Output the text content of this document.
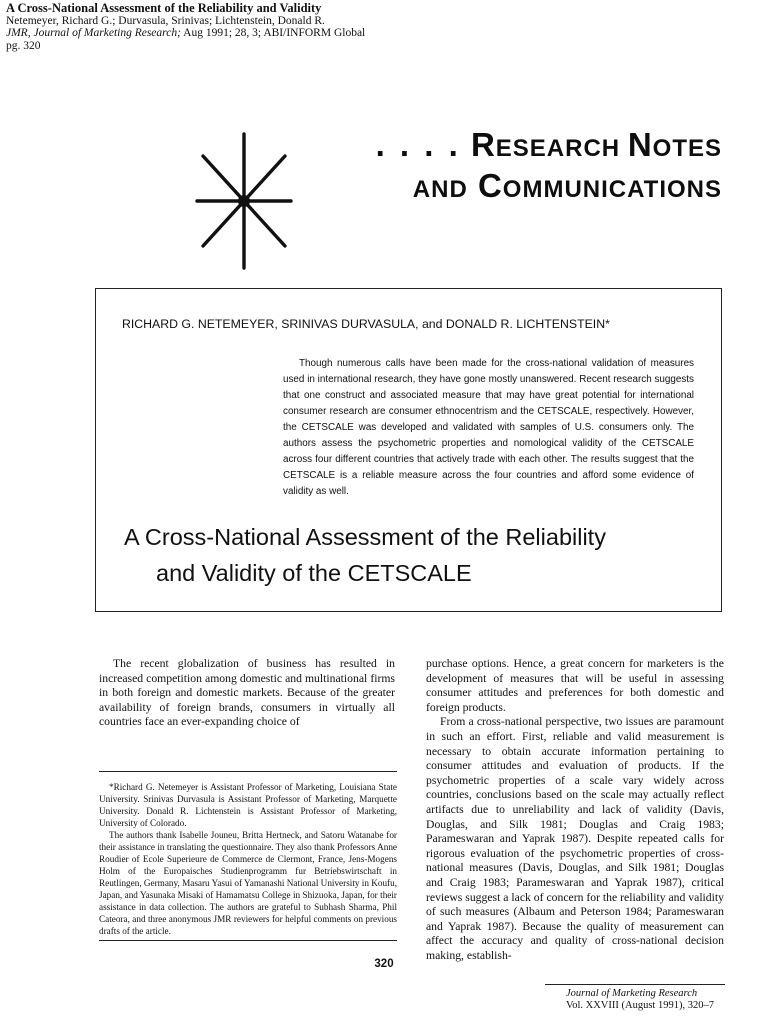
A Cross-National Assessment of the Reliability and Validity
Netemeyer, Richard G.; Durvasula, Srinivas; Lichtenstein, Donald R.
JMR, Journal of Marketing Research; Aug 1991; 28, 3; ABI/INFORM Global
pg. 320
. . . . RESEARCH NOTES
AND COMMUNICATIONS
RICHARD G. NETEMEYER, SRINIVAS DURVASULA, and DONALD R. LICHTENSTEIN*

Though numerous calls have been made for the cross-national validation of measures used in international research, they have gone mostly unanswered. Recent research suggests that one construct and associated measure that may have great potential for international consumer research are consumer ethnocentrism and the CETSCALE, respectively. However, the CETSCALE was developed and validated with samples of U.S. consumers only. The authors assess the psychometric properties and nomological validity of the CETSCALE across four different countries that actively trade with each other. The results suggest that the CETSCALE is a reliable measure across the four countries and afford some evidence of validity as well.

A Cross-National Assessment of the Reliability
and Validity of the CETSCALE

The recent globalization of business has resulted in increased competition among domestic and multinational firms in both foreign and domestic markets. Because of the greater availability of foreign brands, consumers in virtually all countries face an ever-expanding choice of

*Richard G. Netemeyer is Assistant Professor of Marketing, Louisiana State University. Srinivas Durvasula is Assistant Professor of Marketing, Marquette University. Donald R. Lichtenstein is Assistant Professor of Marketing, University of Colorado.

The authors thank Isabelle Jouneu, Britta Hertneck, and Satoru Watanabe for their assistance in translating the questionnaire. They also thank Professors Anne Roudier of Ecole Superieure de Commerce de Clermont, France, Jens-Mogens Holm of the Europaisches Studienprogramm fur Betriebswirtschaft in Reutlingen, Germany, Masaru Yasui of Yamanashi National University in Koufu, Japan, and Yasunaka Misaki of Hamamatsu College in Shizuoka, Japan, for their assistance in data collection. The authors are grateful to Subhash Sharma, Phil Cateora, and three anonymous JMR reviewers for helpful comments on previous drafts of the article.

purchase options. Hence, a great concern for marketers is the development of measures that will be useful in assessing consumer attitudes and preferences for both domestic and foreign products.

From a cross-national perspective, two issues are paramount in such an effort. First, reliable and valid measurement is necessary to obtain accurate information pertaining to consumer attitudes and evaluation of products. If the psychometric properties of a scale vary widely across countries, conclusions based on the scale may actually reflect artifacts due to unreliability and lack of validity (Davis, Douglas, and Silk 1981; Douglas and Craig 1983; Parameswaran and Yaprak 1987). Despite repeated calls for rigorous evaluation of the psychometric properties of cross-national measures (Davis, Douglas, and Silk 1981; Douglas and Craig 1983; Parameswaran and Yaprak 1987), critical reviews suggest a lack of concern for the reliability and validity of such measures (Albaum and Peterson 1984; Parameswaran and Yaprak 1987). Because the quality of measurement can affect the accuracy and quality of cross-national decision making, establish-

320
Journal of Marketing Research
Vol. XXVIII (August 1991), 320–7
